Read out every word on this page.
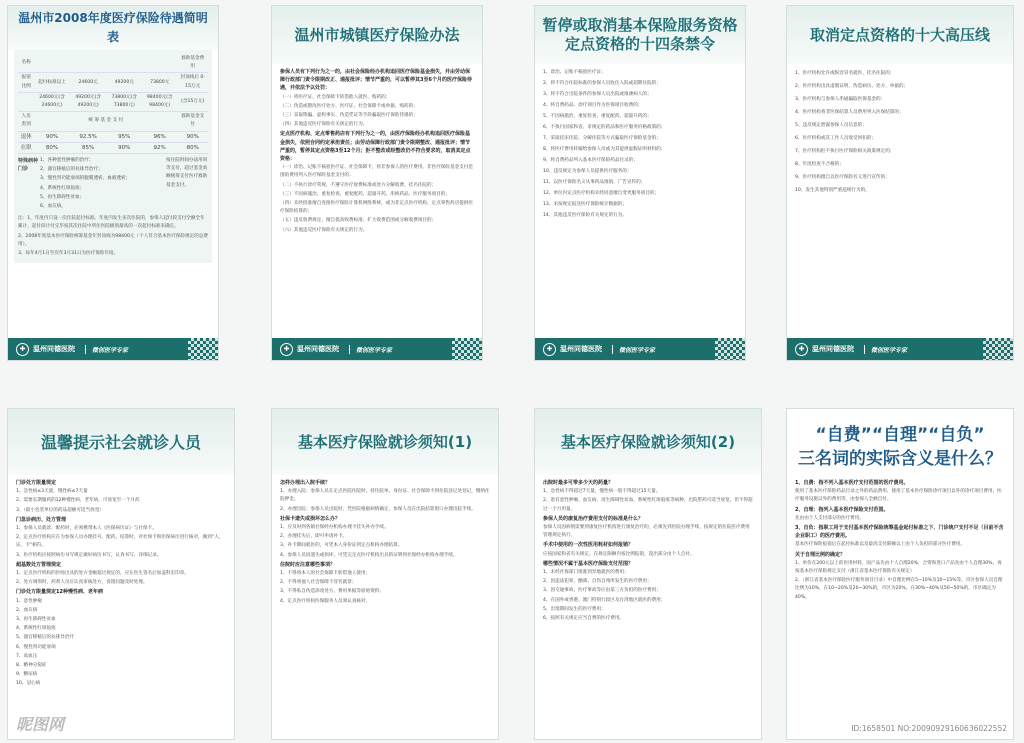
温州市2008年度医疗保险待遇简明表
名称					救助基金费用
报销比例	起付标准以上	24600元	49200元	73800元	封顶线后 0-15万元
	24600元(含24600元)	49200元(含49200元)	73800元(含73800元)	98400元(含98400元)	(含15万元)
人员类别	统 筹 基 金 支 付				救助基金支付
退休	90%	92.5%	95%	96%	90%
在职	80%	85%	90%	92%	80%
特殊病种门诊

1、各种恶性肿瘤的治疗；

2、器官移植后的抗排异治疗；

3、慢性肾功能衰竭的腹膜透析、血液透析；

4、系统性红斑狼疮；

5、再生障碍性贫血；

6、血友病。

按住院时间办法用同等支付，超过基金高额统筹支付医疗救助基金支付。

注：1、年度内只设一次住院起付标准。年度内发生多次住院的，参保人起付段支付全额全年累计，起付段计付完毕按其次住院中所住医院级别最高的一次起付标准来确定。

2、2008年度基本医疗保险统筹基金年封顶线为98400元（个人符合基本医疗保险规定的总费用）。

3、每年4月1日至次年3月31日为医疗保险年度。

✚	温州同德医院	微创医学专家
温州市城镇医疗保险办法

参保人员有下列行为之一的，由社会保险经办机构追回医疗保险基金损失，并由劳动保障行政部门责令限期改正、通报批评；情节严重的，可以暂停其3至6个月的医疗保险待遇，并依法予以处罚：

（一）将医疗证、社会保障卡转借他人就医、购药的；

（二）伪造或篡改医疗处方、医疗证、社会保障卡或单据、购药的；

（三）采取欺骗、虚构事实、伪造凭证等手段骗取医疗保险待遇的；

（四）其他违反医疗保险有关规定的行为。

定点医疗机构、定点零售药店有下列行为之一的，由医疗保险经办机构追回医疗保险基金损失，依照合同约定承担责任；由劳动保障行政部门责令限期整改、通报批评；情节严重的，暂停其定点资格3至12个月；拒不整改或经整改仍不符合要求的，取消其定点资格：

（一）诊治、记账不核验医疗证、社会保障卡，将非参保人的医疗费用、非医疗保险基金支付范围的费用列入医疗保险基金支付的；

（二）不执行诊疗常规，不遵守医疗收费标准或处方分解收费、挂名住院的；

（三）不因病施治、重复检查、重复配药、超量开药、串换药品、医疗服务项目的；

（四）未经批准擅自连接医疗保险计算机网络系统，或为非定点医疗机构、定点零售药店提供医疗保险结算的；

（五）违反收费规定，擅自提高收费标准、扩大收费范围或分解收费项目的；

（六）其他违反医疗保险有关规定的行为。

✚	温州同德医院	微创医学专家
暂停或取消基本保险服务资格定点资格的十四条禁令

1、诊治、记账不核验医疗证；

2、将不符合住院标准的参保人员收住入院或超期住院的；

3、将不符合出院条件的参保人员出院或推诿病人的；

4、将自费药品、诊疗项目作为医保项目收费的；

5、不因病施治、重复检查、重复配药、超量开药的；

6、不执行国家和省、市规定的药品和医疗服务价格政策的；

7、采取挂床住院、分解住院等方式骗取医疗保险基金的；

8、将医疗费用转嫁给参保人员或为其提供虚假证明材料的；

9、将自费药品列入基本医疗保险药品目录的；

10、违反规定为参保人员提供医疗服务的；

11、以医疗保险名义从事药品推销、广告宣传的；

12、单位内定点医疗机构未经同意擅自变更服务项目的；

13、未按规定报送医疗保险统计数据的；

14、其他违反医疗保险有关规定的行为。

✚	温州同德医院	微创医学专家
取消定点资格的十大高压线

1、医疗机构允许或纵容冒名就医、挂名住院的；

2、医疗机构出具虚假证明、伪造病历、处方、单据的；

3、医疗机构与参保人串通骗取医保基金的；

4、医疗机构将非医保结算人员费用列入医保结算的；

5、违反规定泄露参保人员信息的；

6、医疗机构或其工作人员收受回扣的；

7、医疗机构拒不执行医疗保险相关政策规定的；

8、年度检查不合格的；

9、医疗机构擅自以医疗保险名义进行宣传的；

10、发生其他特别严重违规行为的。

✚	温州同德医院	微创医学专家
温馨提示社会就诊人员

门诊处方限量规定

1、急性病≤3天量，慢性病≤7天量

2、需要长期服药的12种慢性病，老年病，可放宽至一个月药

3、（最小包装单位的药品超额可适当放宽）

门急诊病历、处方管理

1、参保人员就诊、配药时，必须携带本人《医保病历证》与社保卡。

2、定点医疗机构应在为参保人员办理挂号、配药、结算时，对社保卡和医保病历进行核对，做到“人、证、卡”相符。

3、医疗机构应按照病历书写规定做好病历书写，认真书写、详细记录。

超基数处方管理规定

1、定点医疗机构的医师出具的处方金额超过规定的，应在医生签名后加盖科室印章。

2、处方调剂时，药剂人员应认真审核处方，发现问题及时处理。

门诊处方限量规定12种慢性病、老年病

1、恶性肿瘤

2、血友病

3、再生障碍性贫血

4、系统性红斑狼疮

5、器官移植后的抗排异治疗

6、慢性肾功能衰竭

7、高血压

8、精神分裂症

9、糖尿病

10、冠心病

昵图网
基本医疗保险就诊须知(1)

怎样办理出入院手续？

1、办理入院：参保人员在定点医院住院时，持住院单、身份证、社会保障卡到住院登记处登记，缴纳住院押金。

2、办理出院：参保人员出院时，凭医院根据病情确定，参保人员在出院结算窗口办理出院手续。

社保卡遗失或损坏怎么办？

1、应及时到各镇社保经办机构办理卡挂失补办手续。

2、办理挂失后，即可申请补卡。

3、补卡期间就医的，可凭本人身份证到定点机构办理结算。

4、参保人员因遗失或损坏，可凭完定点医疗机构出具的证明到社保经办机构办理手续。

住院时应注意哪些事项？

1、不得将本人的社会保障卡转借他人使用；

2、不得将他人社会保障卡冒名就诊；

3、不得私自伪造涂改处方、费用单据等原始资料；

4、定点医疗机构医保服务人员须认真核对。

基本医疗保险就诊须知(2)

出院时最多可带多少天的药量？

1、急性病不得超过7天量，慢性病一般不得超过15天量。

2、患有恶性肿瘤、血友病、再生障碍性贫血、系统性红斑狼疮等病种，出院带药可适当放宽，但不得超过一个月用量。

参保人员的康复治疗费用支付的标准是什么？

参保人员因病情需要到康复医疗机构进行康复治疗的，必须先到医院办理手续，按规定的住院医疗费用管理规定执行。

手术中使用的一次性医用耗材如何报销？

应按国家和省有关规定，在规定限额内按比例报销，超出部分由个人自付。

哪些情况不属于基本医疗保险支付范围？

1、未经社保部门批准到异地就医的费用；

2、因违法犯罪、酗酒、自伤自残所发生的医疗费用；

3、因交通事故、医疗事故等应由第三方负担的医疗费用；

4、在国外或香港、澳门特别行政区及台湾地区就医的费用；

5、出境期间发生的医疗费用；

6、按照有关规定应当自费的医疗费用。

“自费”“自理”“自负”
三名词的实际含义是什么？

1、自费：指不列入基本医疗支付范围的医疗费用。

使用了基本医疗保险药品目录之外的药品费用、使用了基本医疗保险诊疗项目以外的诊疗项目费用、医疗服务设施以外的费用等，由参保人全额自付。

2、自理：指列入基本医疗保险支付范围。

先由由个人支付部分的医疗费用。

3、自负：指职工用于支付基本医疗保险统筹基金起付标准之下、门诊统户支付不足（目前不含企业职工）的医疗费用。

基本医疗保险报销后在起付标准以及最高支付限额以上由个人负担的部分医疗费用。

关于自理比例的确定？

1、单价在200元以上的医用材料，国产品先由个人自理20%，合资和进口产品先由个人自理30%，再按基本医疗保险规定支付（浙江省基本医疗保险有关规定）

2、（浙江省基本医疗保险医疗服务项目目录）中自理比例在5~10%及10~15%等，市区参保人员自理比例为10%，在10~20%及20~30%的，市区为20%，在30%~40%及50~50%的，市区确定为40%。

ID:1658501 NO:20090929160636022552
